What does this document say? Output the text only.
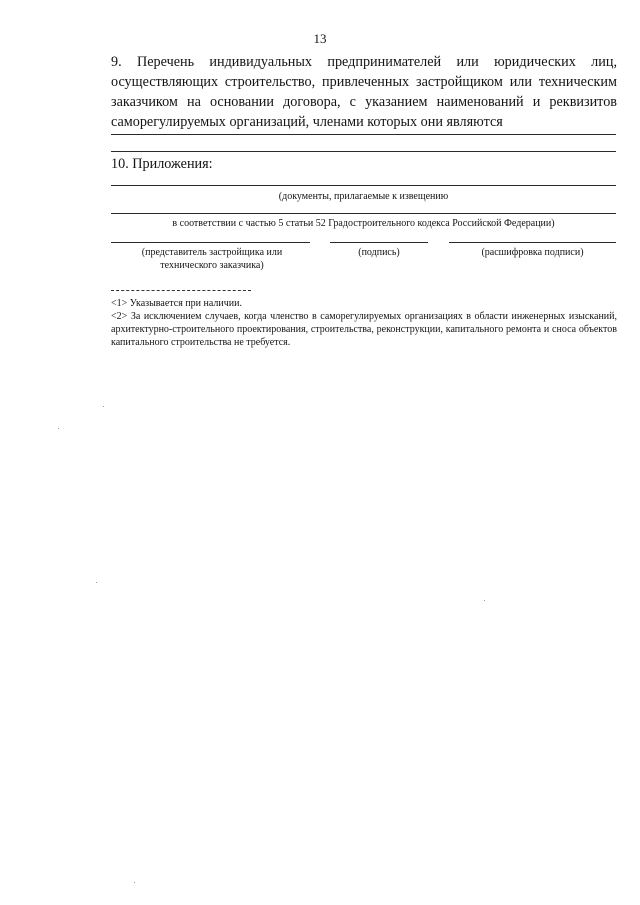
13
9. Перечень индивидуальных предпринимателей или юридических лиц, осуществляющих строительство, привлеченных застройщиком или техническим заказчиком на основании договора, с указанием наименований и реквизитов саморегулируемых организаций, членами которых они являются
10. Приложения:
(документы, прилагаемые к извещению
в соответствии с частью 5 статьи 52 Градостроительного кодекса Российской Федерации)
(представитель застройщика или технического заказчика)
(подпись)	(расшифровка подписи)

<1> Указывается при наличии.

<2> За исключением случаев, когда членство в саморегулируемых организациях в области инженерных изысканий, архитектурно-строительного проектирования, строительства, реконструкции, капитального ремонта и сноса объектов капитального строительства не требуется.
